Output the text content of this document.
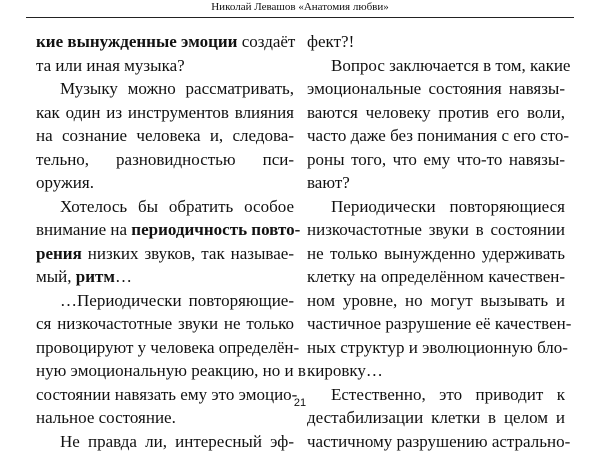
Николай Левашов «Анатомия любви»
кие вынужденные эмоции создаёт
та или иная музыка?
Музыку можно рассматривать,
как один из инструментов влияния
на сознание человека и, следова-
тельно, разновидностью пси-
оружия.
Хотелось бы обратить особое
внимание на периодичность повто-
рения низких звуков, так называе-
мый, ритм…
…Периодически повторяющие-
ся низкочастотные звуки не только
провоцируют у человека определён-
ную эмоциональную реакцию, но и в
состоянии навязать ему это эмоцио-
нальное состояние.
Не правда ли, интересный эф-
фект?!
Вопрос заключается в том, какие
эмоциональные состояния навязы-
ваются человеку против его воли,
часто даже без понимания с его сто-
роны того, что ему что-то навязы-
вают?
Периодически повторяющиеся
низкочастотные звуки в состоянии
не только вынужденно удерживать
клетку на определённом качествен-
ном уровне, но могут вызывать и
частичное разрушение её качествен-
ных структур и эволюционную бло-
кировку…
Естественно, это приводит к
дестабилизации клетки в целом и
частичному разрушению астрально-
21
